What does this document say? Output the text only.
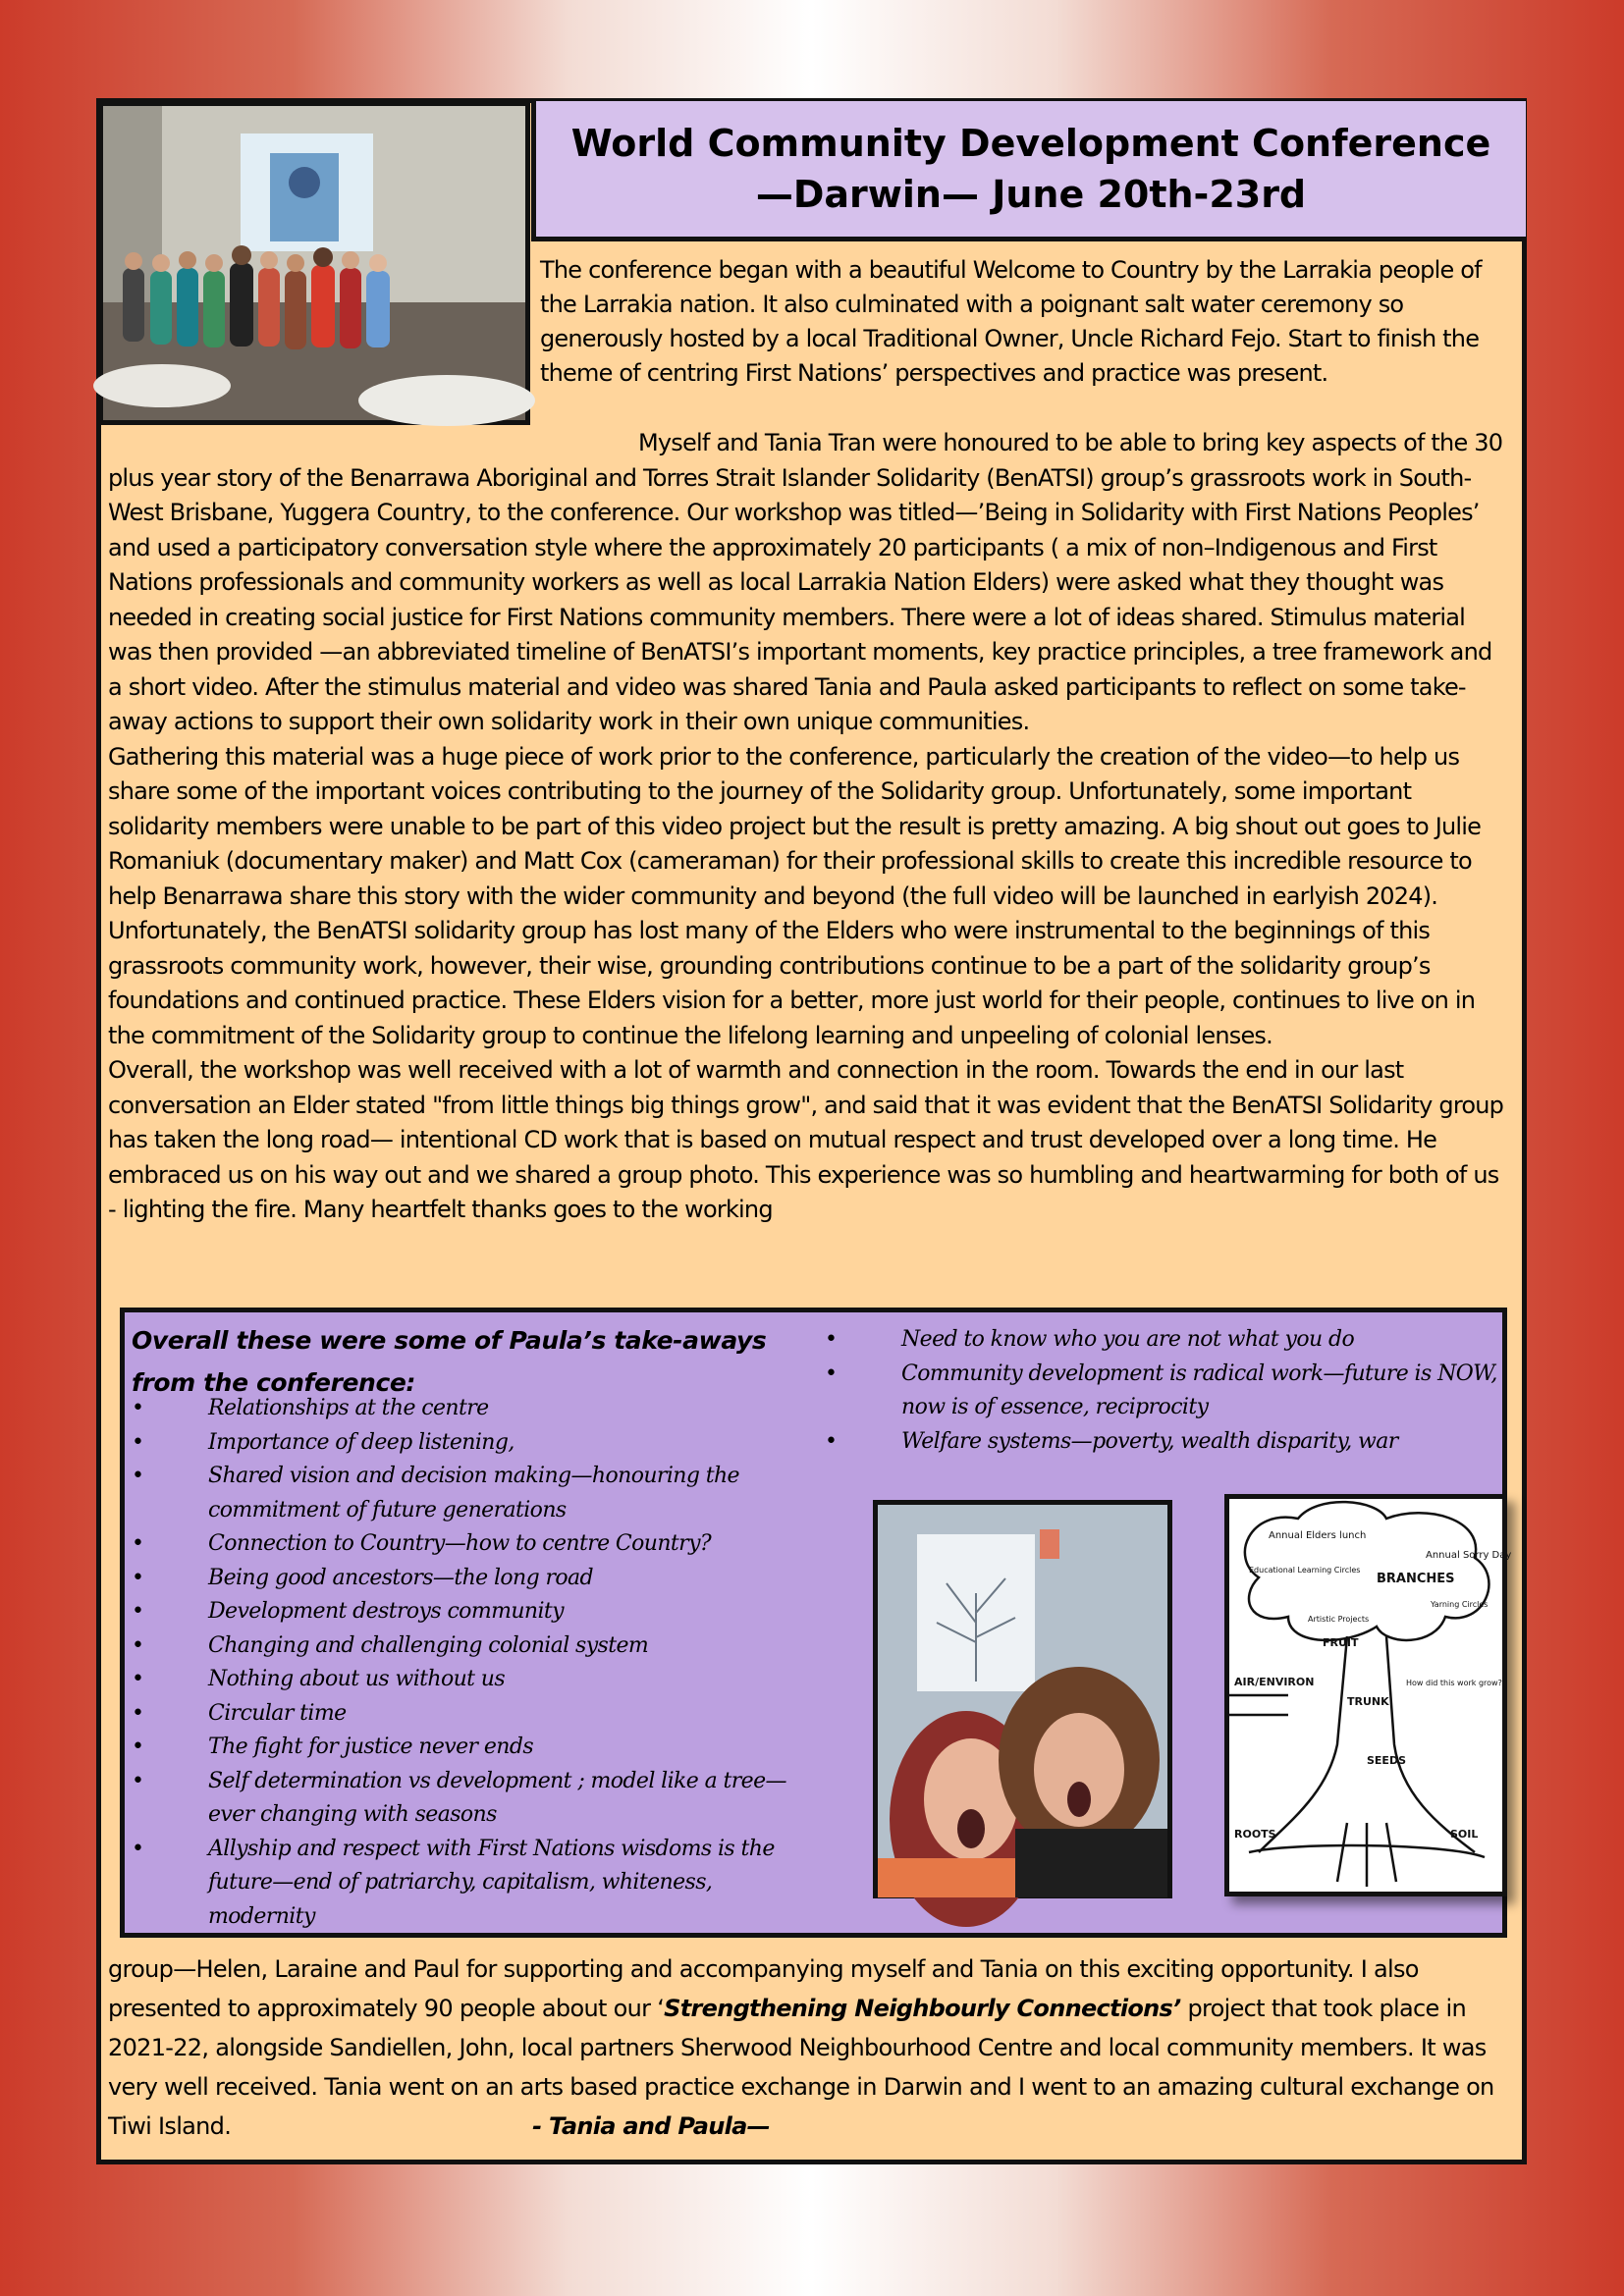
World Community Development Conference
—Darwin— June 20th-23rd
The conference began with a beautiful Welcome to Country by the Larrakia people of the Larrakia nation. It also culminated with a poignant salt water ceremony so generously hosted by a local Traditional Owner, Uncle Richard Fejo. Start to finish the theme of centring First Nations’ perspectives and practice was present.
Myself and Tania Tran were honoured to be able to bring key aspects of the 30 plus year story of the Benarrawa Aboriginal and Torres Strait Islander Solidarity (BenATSI) group’s grassroots work in South-West Brisbane, Yuggera Country, to the conference. Our workshop was titled—’Being in Solidarity with First Nations Peoples’ and used a participatory conversation style where the approximately 20 participants ( a mix of non–Indigenous and First Nations professionals and community workers as well as local Larrakia Nation Elders) were asked what they thought was needed in creating social justice for First Nations community members. There were a lot of ideas shared. Stimulus material was then provided —an abbreviated timeline of BenATSI’s important moments, key practice principles, a tree framework and a short video. After the stimulus material and video was shared Tania and Paula asked participants to reflect on some take-away actions to support their own solidarity work in their own unique communities.
Gathering this material was a huge piece of work prior to the conference, particularly the creation of the video—to help us share some of the important voices contributing to the journey of the Solidarity group. Unfortunately, some important solidarity members were unable to be part of this video project but the result is pretty amazing. A big shout out goes to Julie Romaniuk (documentary maker) and Matt Cox (cameraman) for their professional skills to create this incredible resource to help Benarrawa share this story with the wider community and beyond (the full video will be launched in earlyish 2024). Unfortunately, the BenATSI solidarity group has lost many of the Elders who were instrumental to the beginnings of this grassroots community work, however, their wise, grounding contributions continue to be a part of the solidarity group’s foundations and continued practice. These Elders vision for a better, more just world for their people, continues to live on in the commitment of the Solidarity group to continue the lifelong learning and unpeeling of colonial lenses.
Overall, the workshop was well received with a lot of warmth and connection in the room. Towards the end in our last conversation an Elder stated "from little things big things grow", and said that it was evident that the BenATSI Solidarity group has taken the long road— intentional CD work that is based on mutual respect and trust developed over a long time. He embraced us on his way out and we shared a group photo. This experience was so humbling and heartwarming for both of us - lighting the fire. Many heartfelt thanks goes to the working
Overall these were some of Paula’s take-aways from the conference:
•	Relationships at the centre
•	Importance of deep listening,
•	Shared vision and decision making—honouring the commitment of future generations
•	Connection to Country—how to centre Country?
•	Being good ancestors—the long road
•	Development destroys community
•	Changing and challenging colonial system
•	Nothing about us without us
•	Circular time
•	The fight for justice never ends
•	Self determination vs development ; model like a tree—ever changing with seasons
•	Allyship and respect with First Nations wisdoms is the future—end of patriarchy, capitalism, whiteness, modernity
•	Need to know who you are not what you do
•	Community development is radical work—future is NOW, now is of essence, reciprocity
•	Welfare systems—poverty, wealth disparity, war
Annual Elders lunch
Annual Sorry Day
BRANCHES
Educational Learning Circles
FRUIT
AIR/ENVIRON
TRUNK
How did this work grow?
SEEDS
ROOTS	SOIL
Yarning Circles
Artistic Projects
group—Helen, Laraine and Paul for supporting and accompanying myself and Tania on this exciting opportunity. I also presented to approximately 90 people about our ‘Strengthening Neighbourly Connections’ project that took place in 2021-22, alongside Sandiellen, John, local partners Sherwood Neighbourhood Centre and local community members. It was very well received. Tania went on an arts based practice exchange in Darwin and I went to an amazing cultural exchange on Tiwi Island.	- Tania and Paula—
